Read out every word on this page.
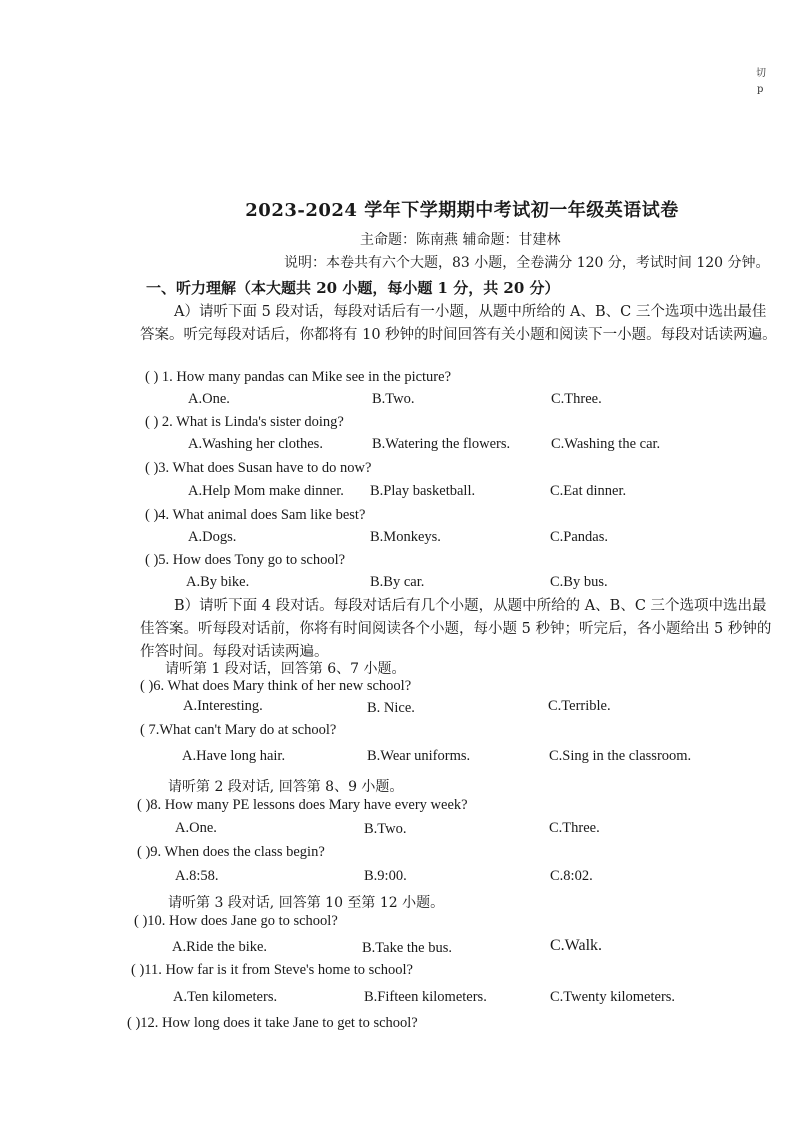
切
p
2023-2024 学年下学期期中考试初一年级英语试卷
主命题：陈南燕 辅命题：甘建林
说明：本卷共有六个大题，83 小题，全卷满分 120 分，考试时间 120 分钟。
一、听力理解（本大题共 20 小题，每小题 1 分，共 20 分）
A）请听下面 5 段对话，每段对话后有一小题，从题中所给的 A、B、C 三个选项中选出最佳答案。听完每段对话后，你都将有 10 秒钟的时间回答有关小题和阅读下一小题。每段对话读两遍。
( ) 1. How many pandas can Mike see in the picture?
A.One.	B.Two.	C.Three.
( ) 2. What is Linda's sister doing?
A.Washing her clothes.	B.Watering the flowers.	C.Washing the car.
( )3. What does Susan have to do now?
A.Help Mom make dinner. B.Play basketball.	C.Eat dinner.
( )4. What animal does Sam like best?
A.Dogs.	B.Monkeys.	C.Pandas.
( )5. How does Tony go to school?
A.By bike.	B.By car.	C.By bus.
B）请听下面 4 段对话。每段对话后有几个小题，从题中所给的 A、B、C 三个选项中选出最佳答案。听每段对话前，你将有时间阅读各个小题，每小题 5 秒钟；听完后，各小题给出 5 秒钟的作答时间。每段对话读两遍。
请听第 1 段对话，回答第 6、7 小题。
( )6. What does Mary think of her new school?
A.Interesting.	B. Nice.	C.Terrible.
( 7.What can't Mary do at school?
A.Have long hair.	B.Wear uniforms.	C.Sing in the classroom.
请听第 2 段对话, 回答第 8、9 小题。
( )8. How many PE lessons does Mary have every week?
A.One.	B.Two.	C.Three.
( )9. When does the class begin?
A.8:58.	B.9:00.	C.8:02.
请听第 3 段对话, 回答第 10 至第 12 小题。
( )10. How does Jane go to school?
A.Ride the bike.	B.Take the bus.	C.Walk.
( )11. How far is it from Steve's home to school?
A.Ten kilometers.	B.Fifteen kilometers.	C.Twenty kilometers.
( )12. How long does it take Jane to get to school?
